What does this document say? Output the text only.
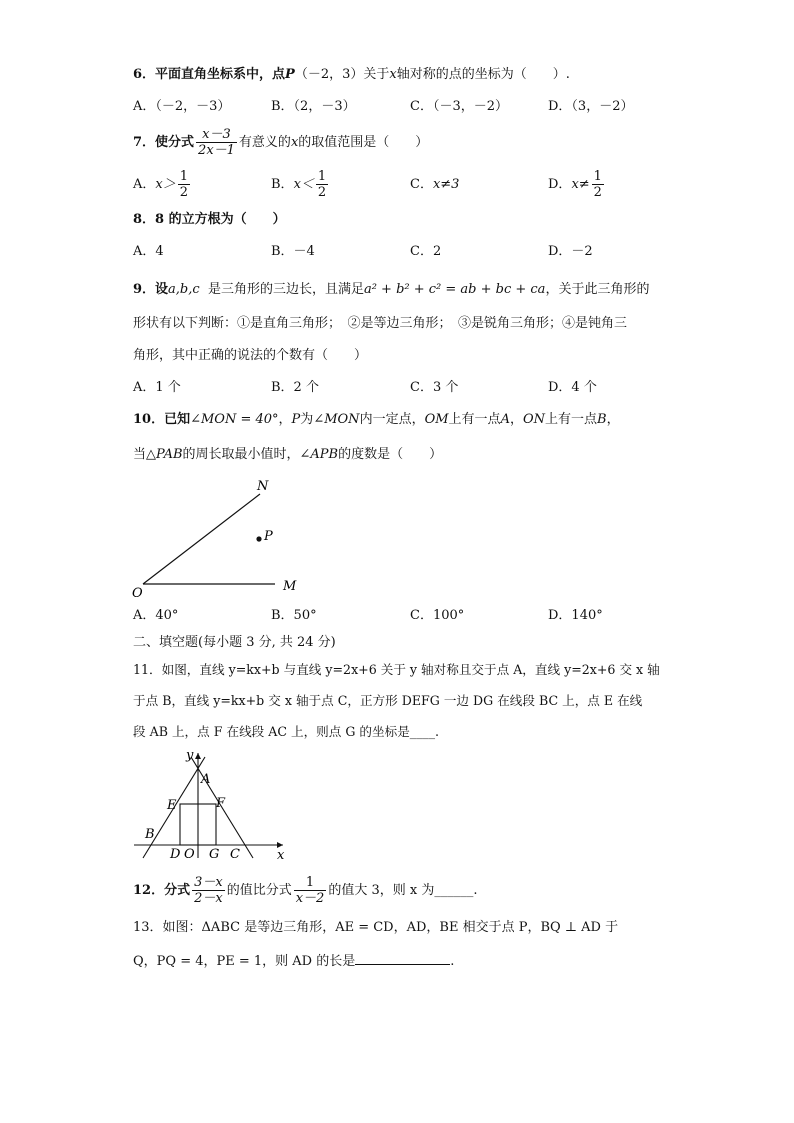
6．平面直角坐标系中，点P（－2，3）关于x轴对称的点的坐标为（　　）.
A．（－2，－3）	B．（2，－3）	C．（－3，－2）	D．（3，－2）
7．使分式 $\frac{x-3}{2x-1}$ 有意义的x的取值范围是（　　）
A．$x> \frac{1}{2}$	B．$x< \frac{1}{2}$	C．x≠3	D．$x\ne \frac{1}{2}$
8．8 的立方根为（　　）
A．4	B．－4	C．2	D．－2
9．设a,b,c 是三角形的三边长，且满足a² + b² + c² = ab + bc + ca，关于此三角形的
形状有以下判断：①是直角三角形；　②是等边三角形；　③是锐角三角形；④是钝角三
角形，其中正确的说法的个数有（　　）
A．1 个	B．2 个	C．3 个	D．4 个
10．已知∠MON = 40°，P为∠MON内一定点，OM上有一点A，ON上有一点B，
当△PAB的周长取最小值时，∠APB的度数是（　　）
N
P
O	M
A．40°	B．50°	C．100°	D．140°
二、填空题(每小题 3 分, 共 24 分)
11．如图，直线 y=kx+b 与直线 y=2x+6 关于 y 轴对称且交于点 A，直线 y=2x+6 交 x 轴
于点 B，直线 y=kx+b 交 x 轴于点 C，正方形 DEFG 一边 DG 在线段 BC 上，点 E 在线
段 AB 上，点 F 在线段 AC 上，则点 G 的坐标是____.
y
A
E	F
B
D O G C	x
12．分式 $\frac{3-x}{2-x}$ 的值比分式 $\frac{1}{x-2}$ 的值大 3，则 x 为______.
13．如图：ΔABC 是等边三角形，AE = CD，AD，BE 相交于点 P，BQ ⊥ AD 于
Q，PQ = 4，PE = 1，则 AD 的长是	.
